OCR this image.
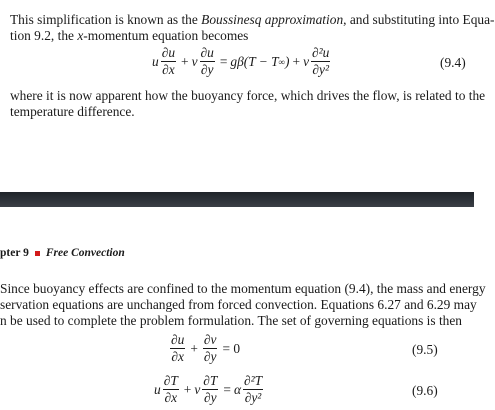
This simplification is known as the Boussinesq approximation, and substituting into Equa-

tion 9.2, the x-momentum equation becomes

u $\frac{\partial u}{\partial x} + v \frac{\partial u}{\partial y} = g\beta(T - T$ ∞ ) + ν $\frac{\text{∂²u}}{\text{∂y²}}$	(9.4)

where it is now apparent how the buoyancy force, which drives the flow, is related to the

temperature difference.

pter 9 Free Convection

Since buoyancy effects are confined to the momentum equation (9.4), the mass and energy

servation equations are unchanged from forced convection. Equations 6.27 and 6.29 may

n be used to complete the problem formulation. The set of governing equations is then

$\frac{\partial u}{\partial x} + \frac{\partial v}{\partial y} = 0$	(9.5)
u $\frac{\partial T}{\partial x} + v \frac{\partial T}{\partial y} = \alpha \frac{\text{∂²T}}{\text{∂y²}}$	(9.6)
